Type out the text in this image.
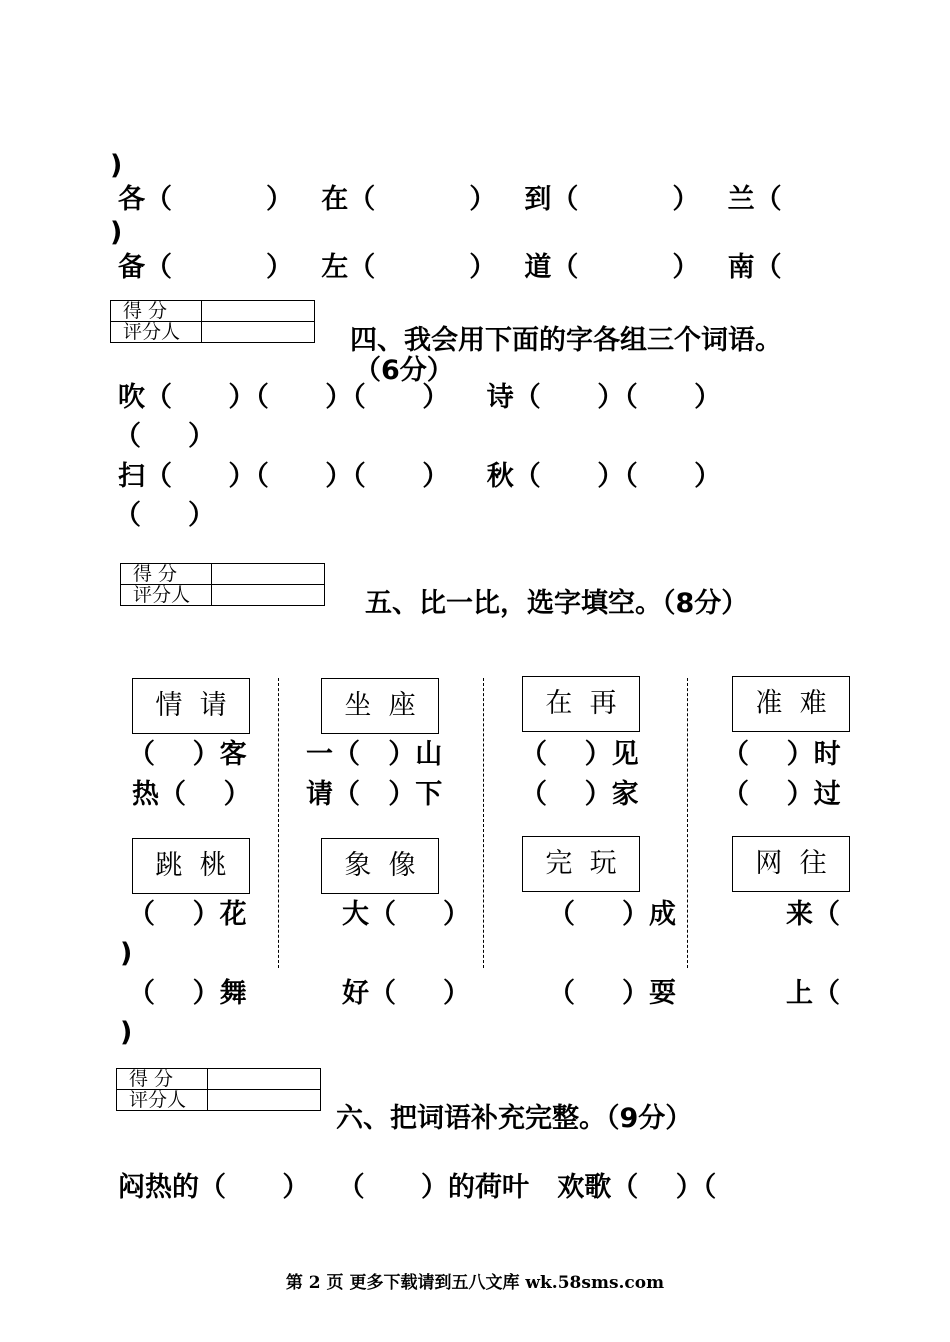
)
各（          ）   在（          ）   到（          ）   兰（
)
备（          ）   左（          ）   道（          ）   南（
得 分	
评分人		四、我会用下面的字各组三个词语。
（6分）
吹（      ）（      ）（      ）    诗（      ）（      ）
（     ）
扫（      ）（      ）（      ）    秋（      ）（      ）
（     ）
得 分	
评分人		五、比一比，选字填空。（8分）
情  请	坐  座	在  再	准  难
（    ）客 一（   ）山	（    ）见	（    ）时
热（    ） 请（   ）下	（    ）家	（    ）过
跳  桃	象  像	完  玩	网  往
（    ）花	大（     ）	（     ）成	来（
)
（    ）舞	好（     ）	（     ）耍	上（
)
得 分	
评分人	
六、把词语补充完整。（9分）
闷热的（      ）   （      ）的荷叶   欢歌（    ）（
第 2 页 更多下载请到五八文库 wk.58sms.com
